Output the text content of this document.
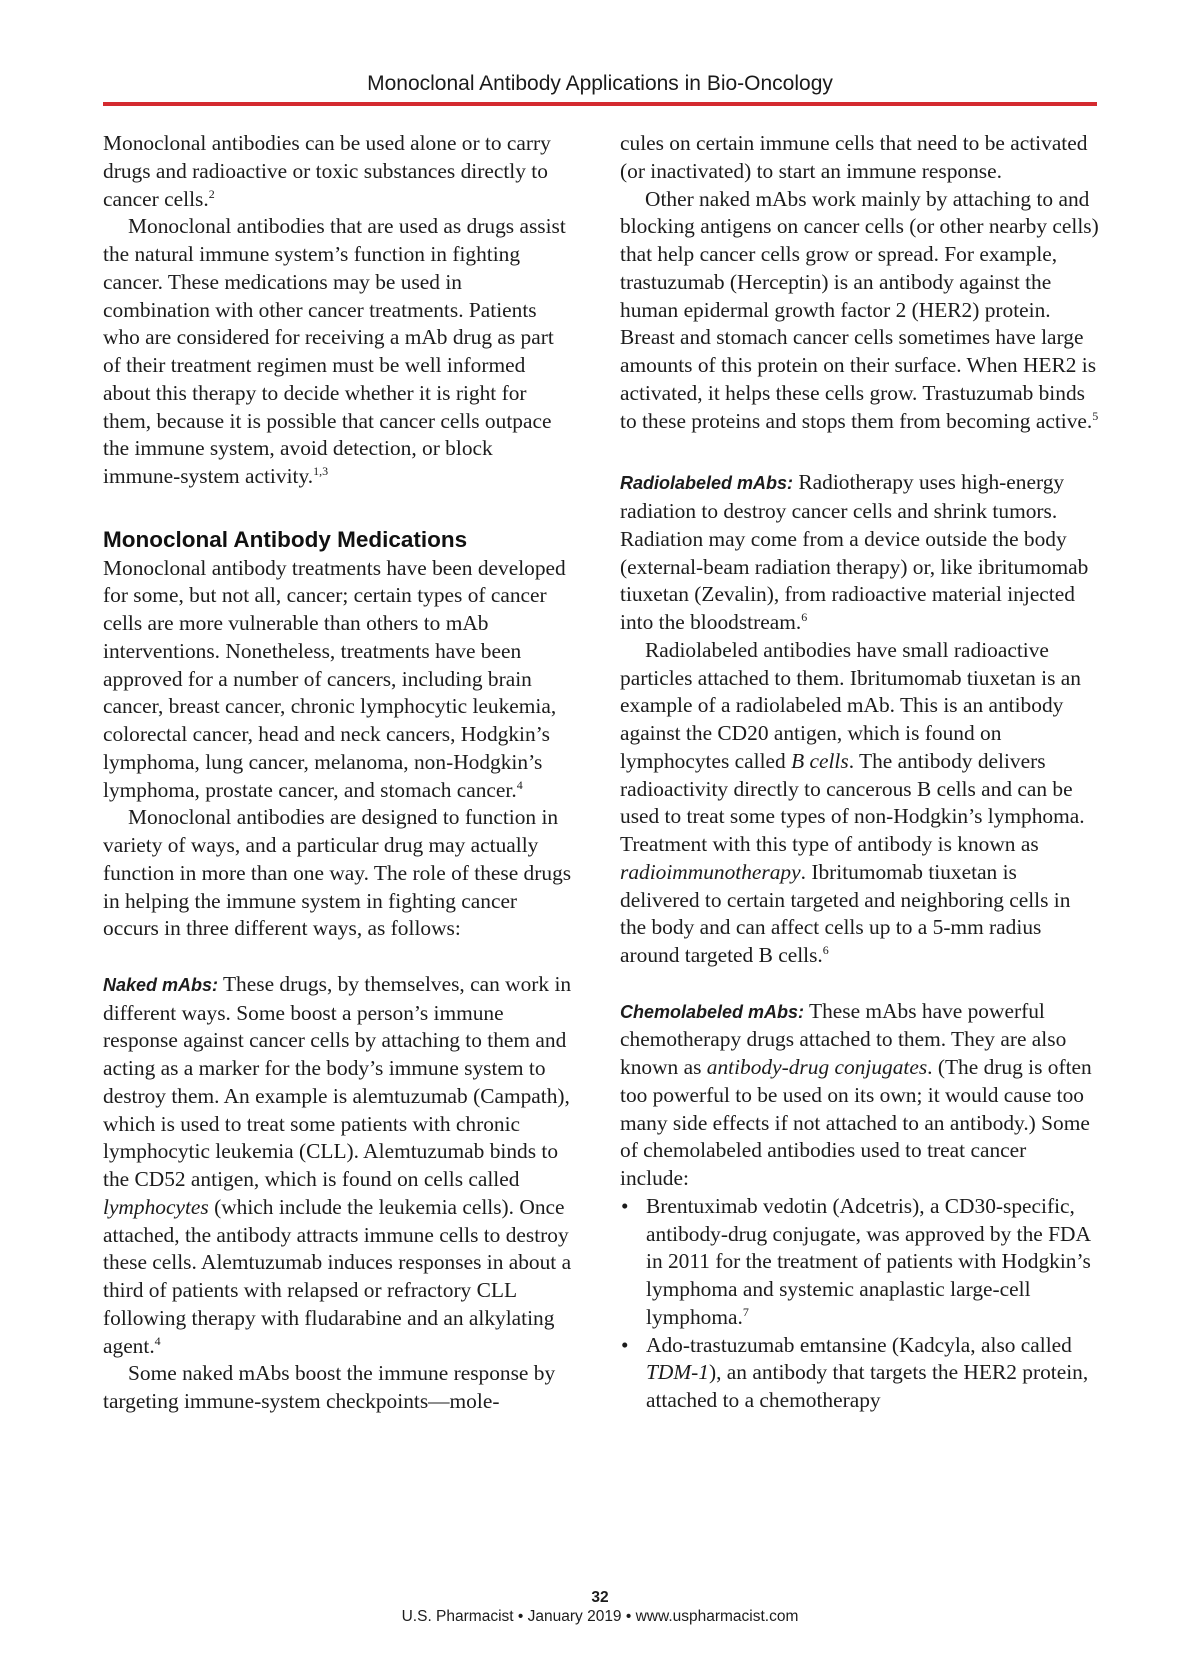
Monoclonal Antibody Applications in Bio-Oncology

Monoclonal antibodies can be used alone or to carry drugs and radioactive or toxic substances directly to cancer cells.$^2$

Monoclonal antibodies that are used as drugs assist the natural immune system’s function in fighting cancer. These medications may be used in combination with other cancer treatments. Patients who are considered for receiving a mAb drug as part of their treatment regimen must be well informed about this therapy to decide whether it is right for them, because it is possible that cancer cells outpace the immune system, avoid detection, or block immune-system activity.$^{1,3}$

Monoclonal Antibody Medications

Monoclonal antibody treatments have been developed for some, but not all, cancer; certain types of cancer cells are more vulnerable than others to mAb interventions. Nonetheless, treatments have been approved for a number of cancers, including brain cancer, breast cancer, chronic lymphocytic leukemia, colorectal cancer, head and neck cancers, Hodgkin’s lymphoma, lung cancer, melanoma, non-Hodgkin’s lymphoma, prostate cancer, and stomach cancer.$^4$

Monoclonal antibodies are designed to function in variety of ways, and a particular drug may actually function in more than one way. The role of these drugs in helping the immune system in fighting cancer occurs in three different ways, as follows:

Naked mAbs: These drugs, by themselves, can work in different ways. Some boost a person’s immune response against cancer cells by attaching to them and acting as a marker for the body’s immune system to destroy them. An example is alemtuzumab (Campath), which is used to treat some patients with chronic lymphocytic leukemia (CLL). Alemtuzumab binds to the CD52 antigen, which is found on cells called lymphocytes (which include the leukemia cells). Once attached, the antibody attracts immune cells to destroy these cells. Alemtuzumab induces responses in about a third of patients with relapsed or refractory CLL following therapy with fludarabine and an alkylating agent.$^4$

Some naked mAbs boost the immune response by targeting immune-system checkpoints—mole-

cules on certain immune cells that need to be activated (or inactivated) to start an immune response.

Other naked mAbs work mainly by attaching to and blocking antigens on cancer cells (or other nearby cells) that help cancer cells grow or spread. For example, trastuzumab (Herceptin) is an antibody against the human epidermal growth factor 2 (HER2) protein. Breast and stomach cancer cells sometimes have large amounts of this protein on their surface. When HER2 is activated, it helps these cells grow. Trastuzumab binds to these proteins and stops them from becoming active.$^5$

Radiolabeled mAbs: Radiotherapy uses high-energy radiation to destroy cancer cells and shrink tumors. Radiation may come from a device outside the body (external-beam radiation therapy) or, like ibritumomab tiuxetan (Zevalin), from radioactive material injected into the bloodstream.$^6$

Radiolabeled antibodies have small radioactive particles attached to them. Ibritumomab tiuxetan is an example of a radiolabeled mAb. This is an antibody against the CD20 antigen, which is found on lymphocytes called B cells. The antibody delivers radioactivity directly to cancerous B cells and can be used to treat some types of non-Hodgkin’s lymphoma. Treatment with this type of antibody is known as radioimmunotherapy. Ibritumomab tiuxetan is delivered to certain targeted and neighboring cells in the body and can affect cells up to a 5-mm radius around targeted B cells.$^6$

Chemolabeled mAbs: These mAbs have powerful chemotherapy drugs attached to them. They are also known as antibody-drug conjugates. (The drug is often too powerful to be used on its own; it would cause too many side effects if not attached to an antibody.) Some of chemolabeled antibodies used to treat cancer include:

• Brentuximab vedotin (Adcetris), a CD30-specific, antibody-drug conjugate, was approved by the FDA in 2011 for the treatment of patients with Hodgkin’s lymphoma and systemic anaplastic large-cell lymphoma.$^7$
• Ado-trastuzumab emtansine (Kadcyla, also called TDM-1), an antibody that targets the HER2 protein, attached to a chemotherapy
32
U.S. Pharmacist • January 2019 • www.uspharmacist.com
